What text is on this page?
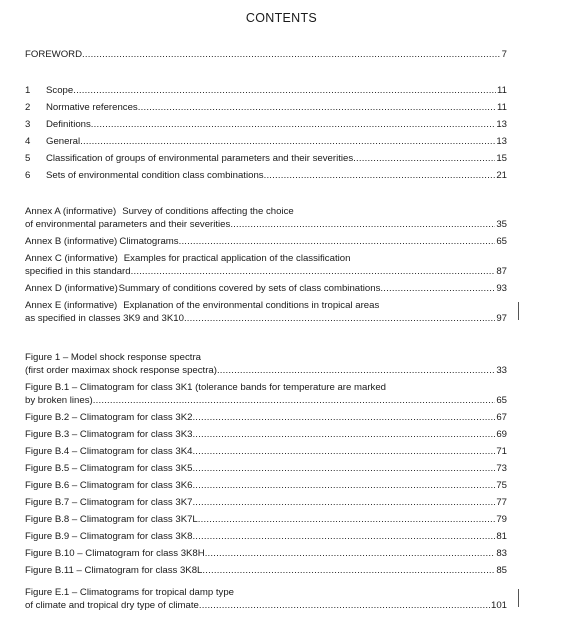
CONTENTS
FOREWORD .....	7
1	Scope .....	11
2	Normative references .....	11
3	Definitions .....	13
4	General .....	13
5	Classification of groups of environmental parameters and their severities .....	15
6	Sets of environmental condition class combinations .....	21
Annex A (informative) Survey of conditions affecting the choice
of environmental parameters and their severities .....	35
Annex B (informative) Climatograms .....	65
Annex C (informative) Examples for practical application of the classification
specified in this standard .....	87
Annex D (informative) Summary of conditions covered by sets of class combinations .....	93
Annex E (informative) Explanation of the environmental conditions in tropical areas
as specified in classes 3K9 and 3K10 .....	97
Figure 1 – Model shock response spectra
(first order maximax shock response spectra) .....	33
Figure B.1 – Climatogram for class 3K1 (tolerance bands for temperature are marked
by broken lines) .....	65
Figure B.2 – Climatogram for class 3K2 .....	67
Figure B.3 – Climatogram for class 3K3 .....	69
Figure B.4 – Climatogram for class 3K4 .....	71
Figure B.5 – Climatogram for class 3K5 .....	73
Figure B.6 – Climatogram for class 3K6 .....	75
Figure B.7 – Climatogram for class 3K7 .....	77
Figure B.8 – Climatogram for class 3K7L .....	79
Figure B.9 – Climatogram for class 3K8 .....	81
Figure B.10 – Climatogram for class 3K8H .....	83
Figure B.11 – Climatogram for class 3K8L .....	85
Figure E.1 – Climatograms for tropical damp type
of climate and tropical dry type of climate .....	101
